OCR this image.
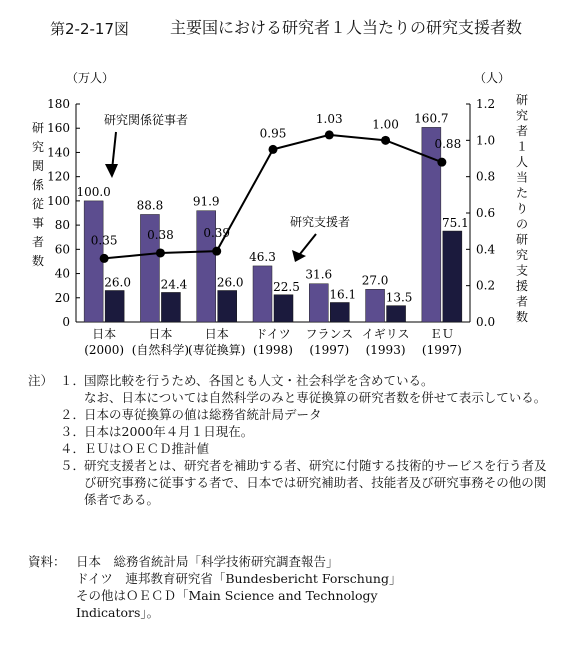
第2-2-17図	主要国における研究者１人当たりの研究支援者数
（万人）	（人）
研
究
関
係
従
事
者
数
研
究
者
１
人
当
た
り
の
研
究
支
援
者
数
0
20
40
60
80
100
120
140
160
180
0.0
0.2
0.4
0.6
0.8
1.0
1.2
100.0
26.0
88.8
24.4
91.9
26.0
46.3
22.5
31.6
16.1
27.0
13.5
160.7
75.1
0.35 0.38 0.39
0.95
1.03 1.00
0.88
日本
(2000)
日本
(自然科学)
日本
(専従換算)
ドイツ
(1998)
フランス
(1997)
イギリス
(1993)
ＥＵ
(1997)
研究関係従事者
研究支援者
注） １．
国際比較を行うため、各国とも人文・社会科学を含めている。
なお、日本については自然科学のみと専従換算の研究者数を併せて表示している。
２．
日本の専従換算の値は総務省統計局データ
３．
日本は2000年４月１日現在。
４．
ＥＵはＯＥＣＤ推計値
５．
研究支援者とは、研究者を補助する者、研究に付随する技術的サービスを行う者及び研究事務に従事する者で、日本では研究補助者、技能者及び研究事務その他の関係者である。
資料： 日本　総務省統計局「科学技術研究調査報告」
ドイツ　連邦教育研究省「Bundesbericht Forschung」
その他はＯＥＣＤ「Main Science and Technology
Indicators」。
